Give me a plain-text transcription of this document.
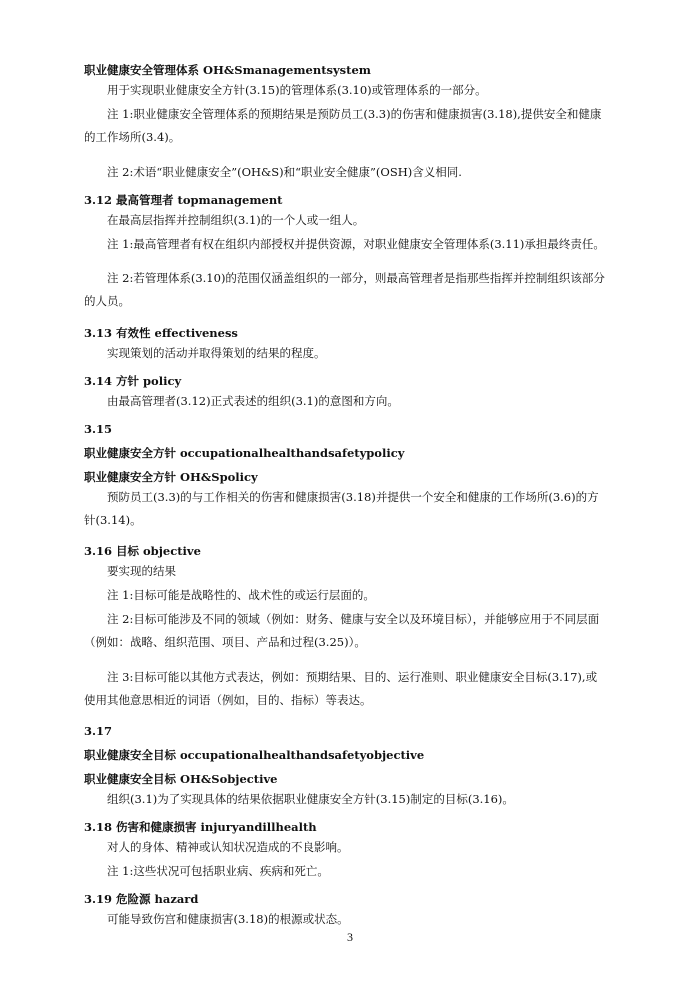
职业健康安全管理体系 OH&Smanagementsystem

用于实现职业健康安全方针(3.15)的管理体系(3.10)或管理体系的一部分。

注 1:职业健康安全管理体系的预期结果是预防员工(3.3)的伤害和健康损害(3.18),提供安全和健康的工作场所(3.4)。

注 2:术语“职业健康安全”(OH&S)和“职业安全健康”(OSH)含义相同.

3.12 最高管理者 topmanagement

在最高层指挥并控制组织(3.1)的一个人或一组人。

注 1:最高管理者有权在组织内部授权并提供资源，对职业健康安全管理体系(3.11)承担最终责任。

注 2:若管理体系(3.10)的范围仅涵盖组织的一部分，则最高管理者是指那些指挥并控制组织该部分的人员。

3.13 有效性 effectiveness

实现策划的活动并取得策划的结果的程度。

3.14 方针 policy

由最高管理者(3.12)正式表述的组织(3.1)的意图和方向。

3.15

职业健康安全方针 occupationalhealthandsafetypolicy

职业健康安全方针 OH&Spolicy

预防员工(3.3)的与工作相关的伤害和健康损害(3.18)并提供一个安全和健康的工作场所(3.6)的方针(3.14)。

3.16 目标 objective

要实现的结果

注 1:目标可能是战略性的、战术性的或运行层面的。

注 2:目标可能涉及不同的领域（例如：财务、健康与安全以及环境目标），并能够应用于不同层面（例如：战略、组织范围、项目、产品和过程(3.25)）。

注 3:目标可能以其他方式表达，例如：预期结果、目的、运行准则、职业健康安全目标(3.17),或使用其他意思相近的词语（例如，目的、指标）等表达。

3.17

职业健康安全目标 occupationalhealthandsafetyobjective

职业健康安全目标 OH&Sobjective

组织(3.1)为了实现具体的结果依据职业健康安全方针(3.15)制定的目标(3.16)。

3.18 伤害和健康损害 injuryandillhealth

对人的身体、精神或认知状况造成的不良影响。

注 1:这些状况可包括职业病、疾病和死亡。

3.19 危险源 hazard

可能导致伤宫和健康损害(3.18)的根源或状态。

3
